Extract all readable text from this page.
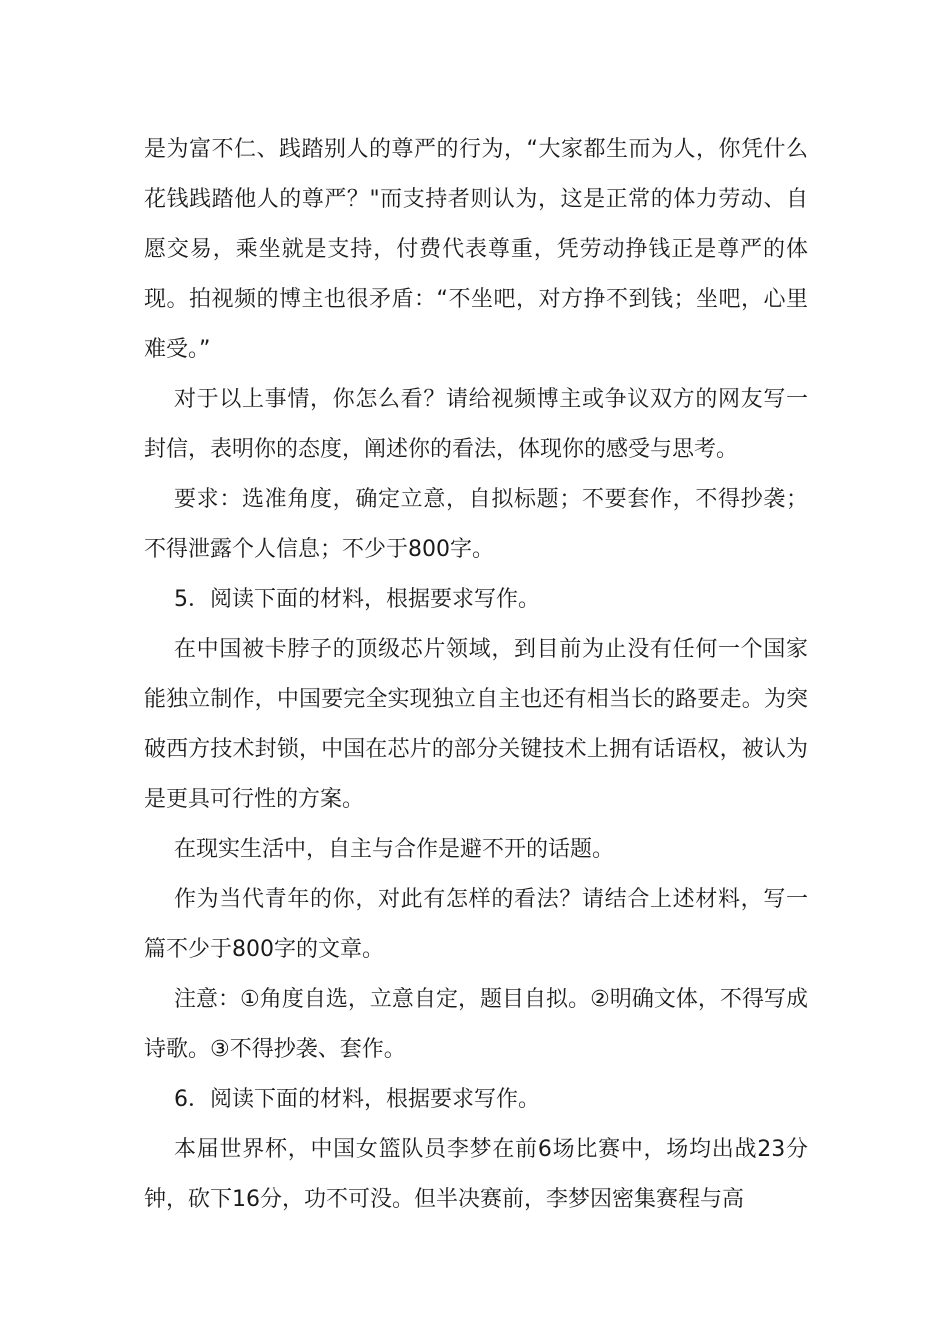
是为富不仁、践踏别人的尊严的行为，“大家都生而为人，你凭什么花钱践踏他人的尊严？"而支持者则认为，这是正常的体力劳动、自愿交易，乘坐就是支持，付费代表尊重，凭劳动挣钱正是尊严的体现。拍视频的博主也很矛盾：“不坐吧，对方挣不到钱；坐吧，心里难受。”

对于以上事情，你怎么看？请给视频博主或争议双方的网友写一封信，表明你的态度，阐述你的看法，体现你的感受与思考。

要求：选准角度，确定立意，自拟标题；不要套作，不得抄袭；不得泄露个人信息；不少于800字。

5．阅读下面的材料，根据要求写作。

在中国被卡脖子的顶级芯片领域，到目前为止没有任何一个国家能独立制作，中国要完全实现独立自主也还有相当长的路要走。为突破西方技术封锁，中国在芯片的部分关键技术上拥有话语权，被认为是更具可行性的方案。

在现实生活中，自主与合作是避不开的话题。

作为当代青年的你，对此有怎样的看法？请结合上述材料，写一篇不少于800字的文章。

注意：①角度自选，立意自定，题目自拟。②明确文体，不得写成诗歌。③不得抄袭、套作。

6．阅读下面的材料，根据要求写作。

本届世界杯，中国女篮队员李梦在前6场比赛中，场均出战23分钟，砍下16分，功不可没。但半决赛前，李梦因密集赛程与高
